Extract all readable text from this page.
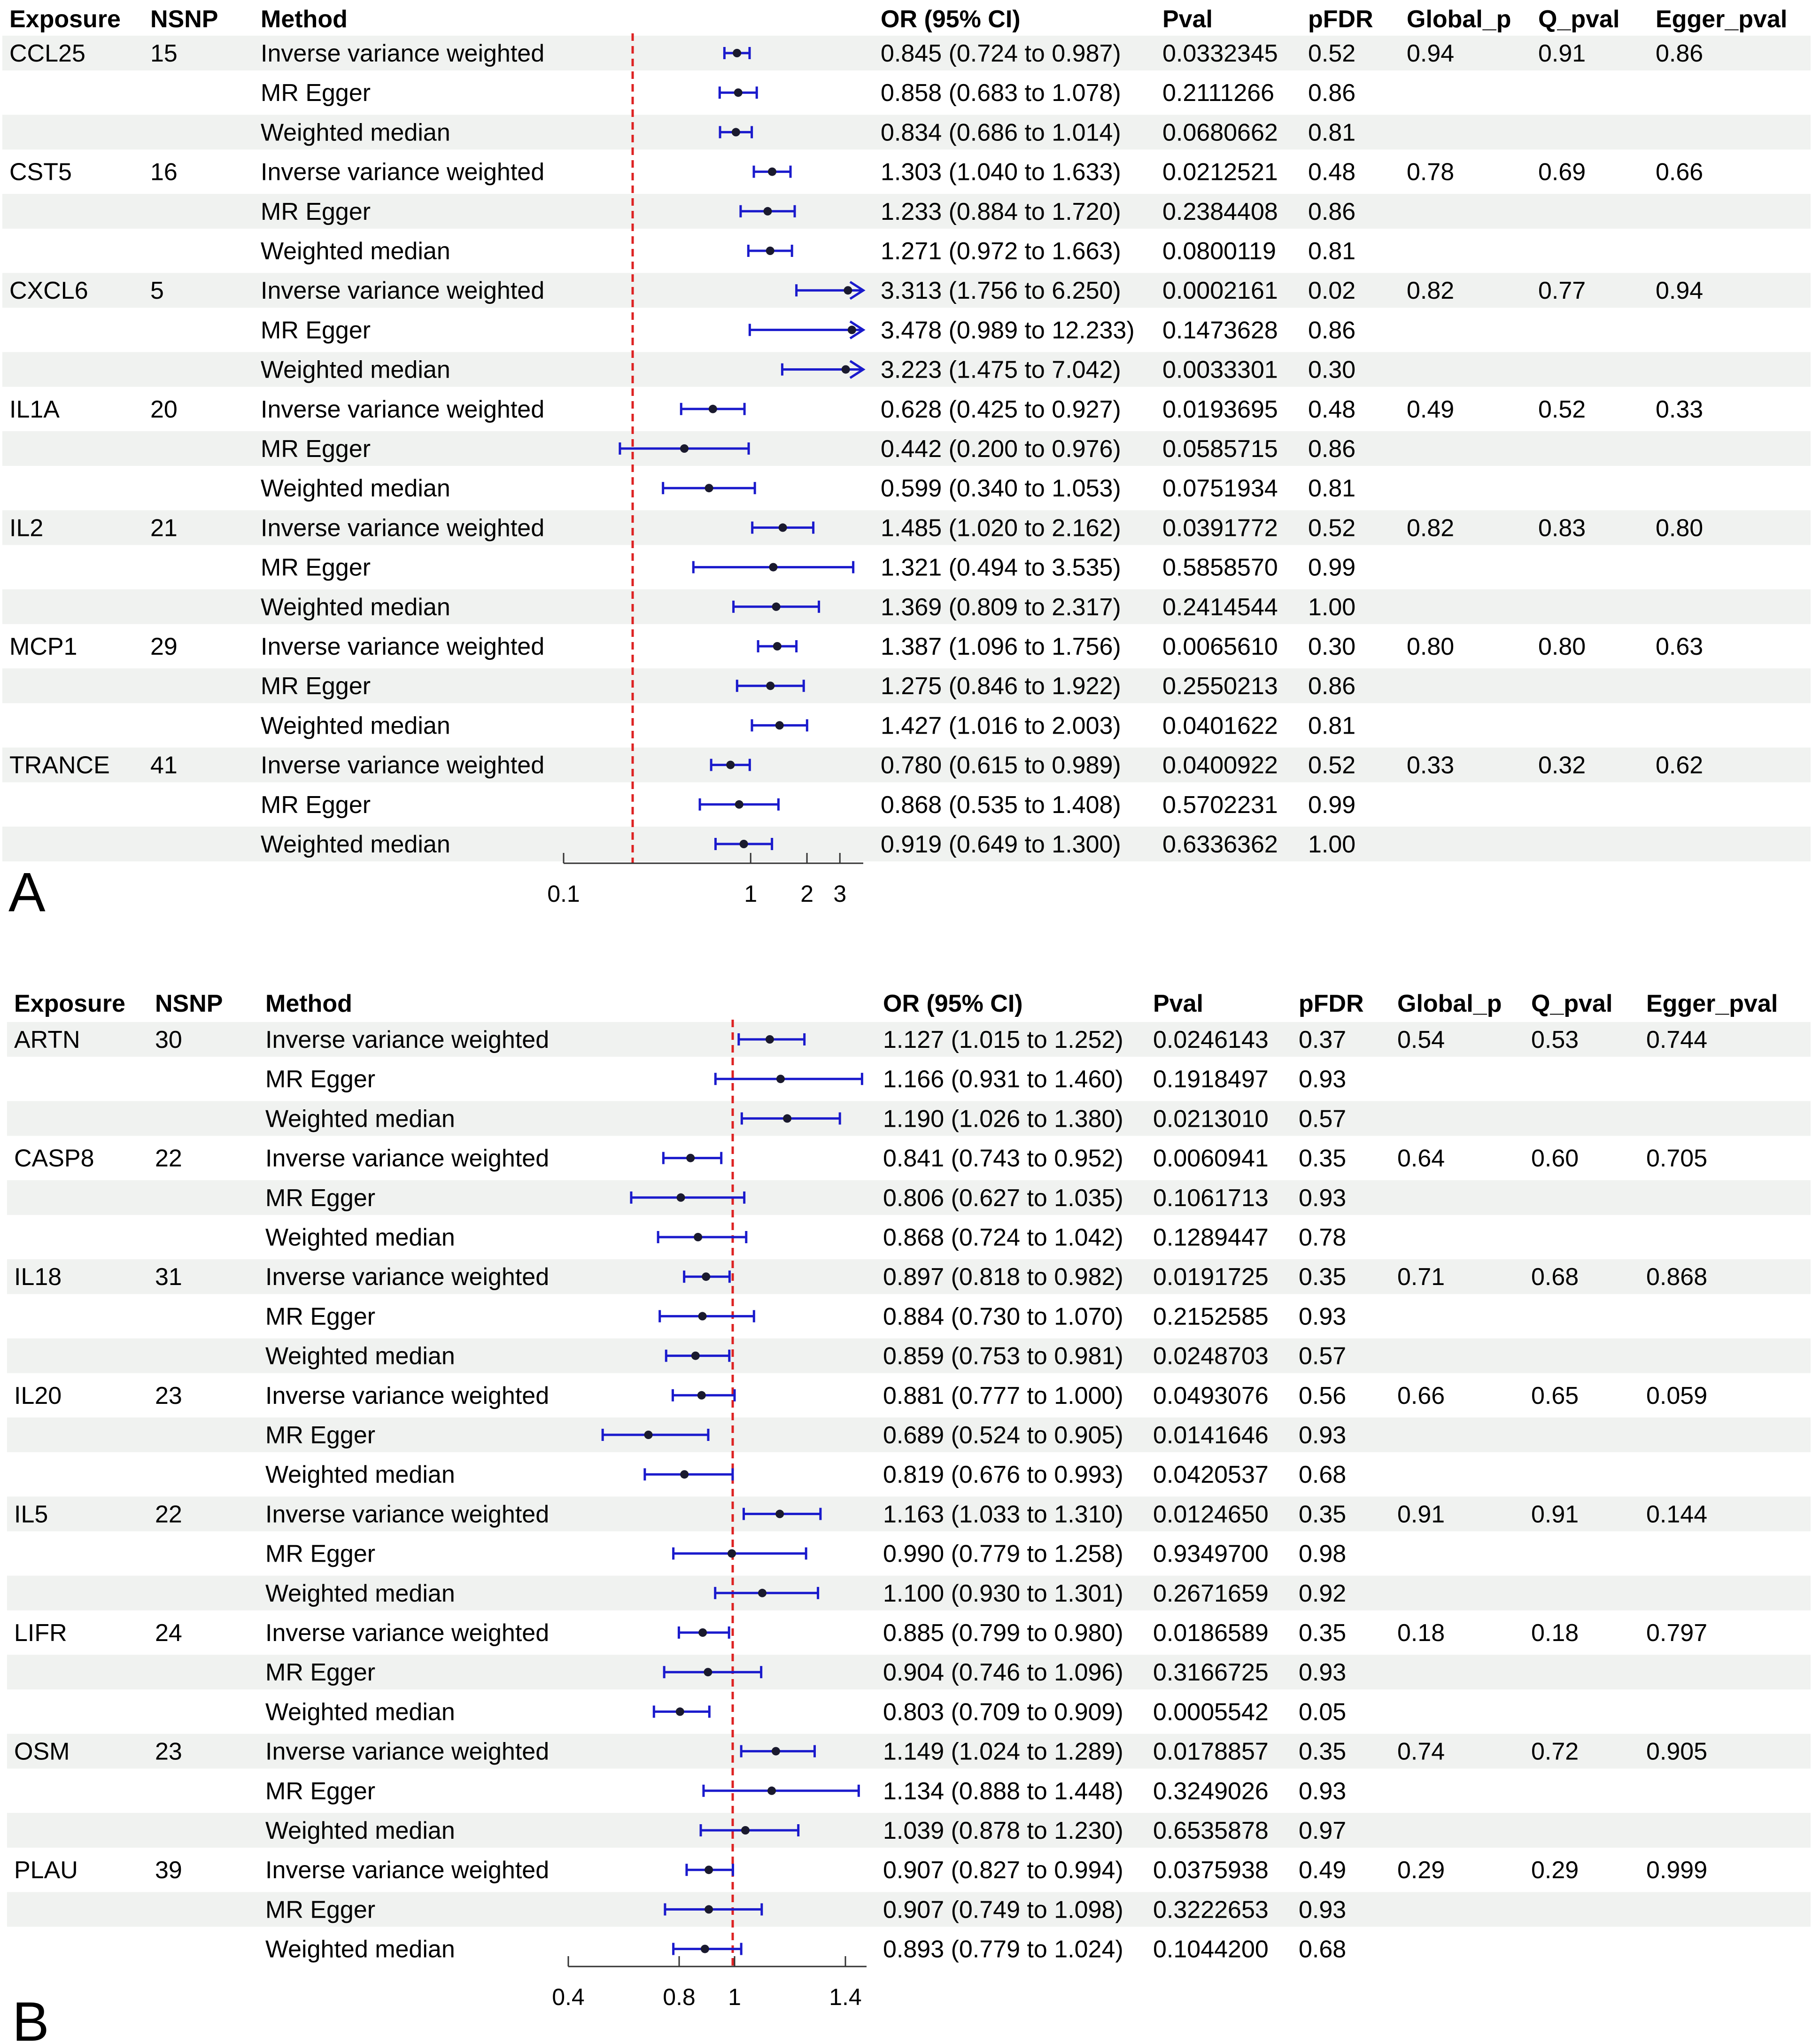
Exposure NSNP Method	OR (95% CI)	Pval	pFDR Global_p Q_pval Egger_pval
CCL25	15	Inverse variance weighted	0.845 (0.724 to 0.987) 0.0332345 0.52 0.94	0.91	0.86
MR Egger	0.858 (0.683 to 1.078) 0.2111266 0.86
Weighted median	0.834 (0.686 to 1.014) 0.0680662 0.81
CST5	16	Inverse variance weighted	1.303 (1.040 to 1.633) 0.0212521 0.48 0.78	0.69	0.66
MR Egger	1.233 (0.884 to 1.720) 0.2384408 0.86
Weighted median	1.271 (0.972 to 1.663) 0.0800119 0.81
CXCL6	5	Inverse variance weighted	3.313 (1.756 to 6.250) 0.0002161 0.02 0.82	0.77	0.94
MR Egger	3.478 (0.989 to 12.233) 0.1473628 0.86
Weighted median	3.223 (1.475 to 7.042) 0.0033301 0.30
IL1A	20	Inverse variance weighted	0.628 (0.425 to 0.927) 0.0193695 0.48 0.49	0.52	0.33
MR Egger	0.442 (0.200 to 0.976) 0.0585715 0.86
Weighted median	0.599 (0.340 to 1.053) 0.0751934 0.81
IL2	21	Inverse variance weighted	1.485 (1.020 to 2.162) 0.0391772 0.52 0.82	0.83	0.80
MR Egger	1.321 (0.494 to 3.535) 0.5858570 0.99
Weighted median	1.369 (0.809 to 2.317) 0.2414544 1.00
MCP1	29	Inverse variance weighted	1.387 (1.096 to 1.756) 0.0065610 0.30 0.80	0.80	0.63
MR Egger	1.275 (0.846 to 1.922) 0.2550213 0.86
Weighted median	1.427 (1.016 to 2.003) 0.0401622 0.81
TRANCE 41	Inverse variance weighted	0.780 (0.615 to 0.989) 0.0400922 0.52 0.33	0.32	0.62
MR Egger	0.868 (0.535 to 1.408) 0.5702231 0.99
Weighted median	0.919 (0.649 to 1.300) 0.6336362 1.00
0.1	1 2 3
A
Exposure NSNP Method	OR (95% CI)	Pval	pFDR Global_p Q_pval Egger_pval
ARTN	30	Inverse variance weighted	1.127 (1.015 to 1.252) 0.0246143 0.37 0.54	0.53	0.744
MR Egger	1.166 (0.931 to 1.460) 0.1918497 0.93
Weighted median	1.190 (1.026 to 1.380) 0.0213010 0.57
CASP8 22	Inverse variance weighted	0.841 (0.743 to 0.952) 0.0060941 0.35 0.64	0.60	0.705
MR Egger	0.806 (0.627 to 1.035) 0.1061713 0.93
Weighted median	0.868 (0.724 to 1.042) 0.1289447 0.78
IL18	31	Inverse variance weighted	0.897 (0.818 to 0.982) 0.0191725 0.35 0.71	0.68	0.868
MR Egger	0.884 (0.730 to 1.070) 0.2152585 0.93
Weighted median	0.859 (0.753 to 0.981) 0.0248703 0.57
IL20	23	Inverse variance weighted	0.881 (0.777 to 1.000) 0.0493076 0.56 0.66	0.65	0.059
MR Egger	0.689 (0.524 to 0.905) 0.0141646 0.93
Weighted median	0.819 (0.676 to 0.993) 0.0420537 0.68
IL5	22	Inverse variance weighted	1.163 (1.033 to 1.310) 0.0124650 0.35 0.91	0.91	0.144
MR Egger	0.990 (0.779 to 1.258) 0.9349700 0.98
Weighted median	1.100 (0.930 to 1.301) 0.2671659 0.92
LIFR	24	Inverse variance weighted	0.885 (0.799 to 0.980) 0.0186589 0.35 0.18	0.18	0.797
MR Egger	0.904 (0.746 to 1.096) 0.3166725 0.93
Weighted median	0.803 (0.709 to 0.909) 0.0005542 0.05
OSM	23	Inverse variance weighted	1.149 (1.024 to 1.289) 0.0178857 0.35 0.74	0.72	0.905
MR Egger	1.134 (0.888 to 1.448) 0.3249026 0.93
Weighted median	1.039 (0.878 to 1.230) 0.6535878 0.97
PLAU	39	Inverse variance weighted	0.907 (0.827 to 0.994) 0.0375938 0.49 0.29	0.29	0.999
MR Egger	0.907 (0.749 to 1.098) 0.3222653 0.93
Weighted median	0.893 (0.779 to 1.024) 0.1044200 0.68
0.4	0.8 1	1.4
B
